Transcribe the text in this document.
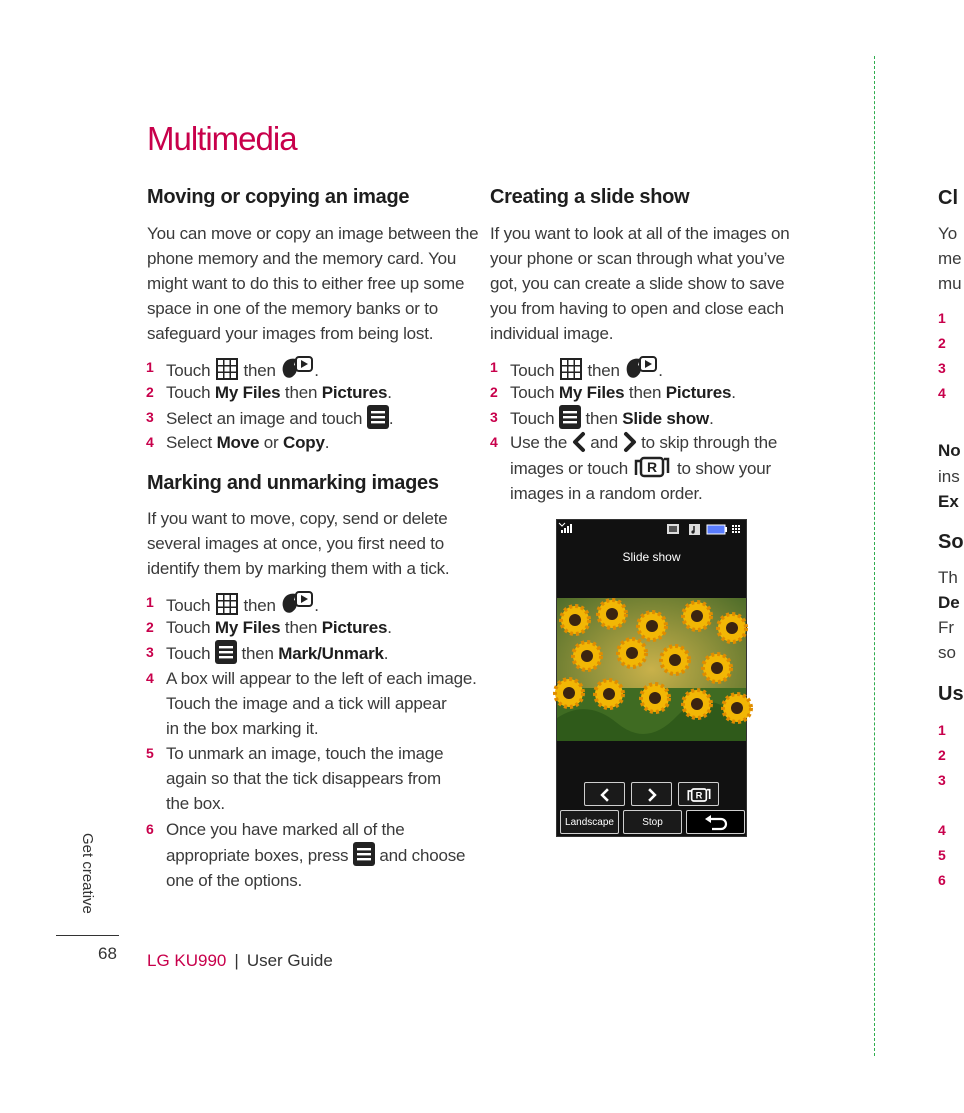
Multimedia
Moving or copying an image

You can move or copy an image between the
phone memory and the memory card. You
might want to do this to either free up some
space in one of the memory banks or to
safeguard your images from being lost.

1 Touch then .
2 Touch My Files then Pictures.
3 Select an image and touch .
4 Select Move or Copy.
Marking and unmarking images

If you want to move, copy, send or delete
several images at once, you first need to
identify them by marking them with a tick.

1 Touch then .
2 Touch My Files then Pictures.
3 Touch then Mark/Unmark.
4 A box will appear to the left of each image.
Touch the image and a tick will appear
in the box marking it.
5 To unmark an image, touch the image
again so that the tick disappears from
the box.
6 Once you have marked all of the
appropriate boxes, press and choose
one of the options.
Creating a slide show

If you want to look at all of the images on
your phone or scan through what you’ve
got, you can create a slide show to save
you from having to open and close each
individual image.

1 Touch then .
2 Touch My Files then Pictures.
3 Touch then Slide show.
4 Use the and to skip through the
images or touch R to show your
images in a random order.
Slide show
R
Landscape	Stop
Cl
Yo
me
mu
1
2
3
4
No
ins
Ex
So
Th
De
Fr
so
Us
1
2
3
4
5
6
Get creative
68 LG KU990 | User Guide
